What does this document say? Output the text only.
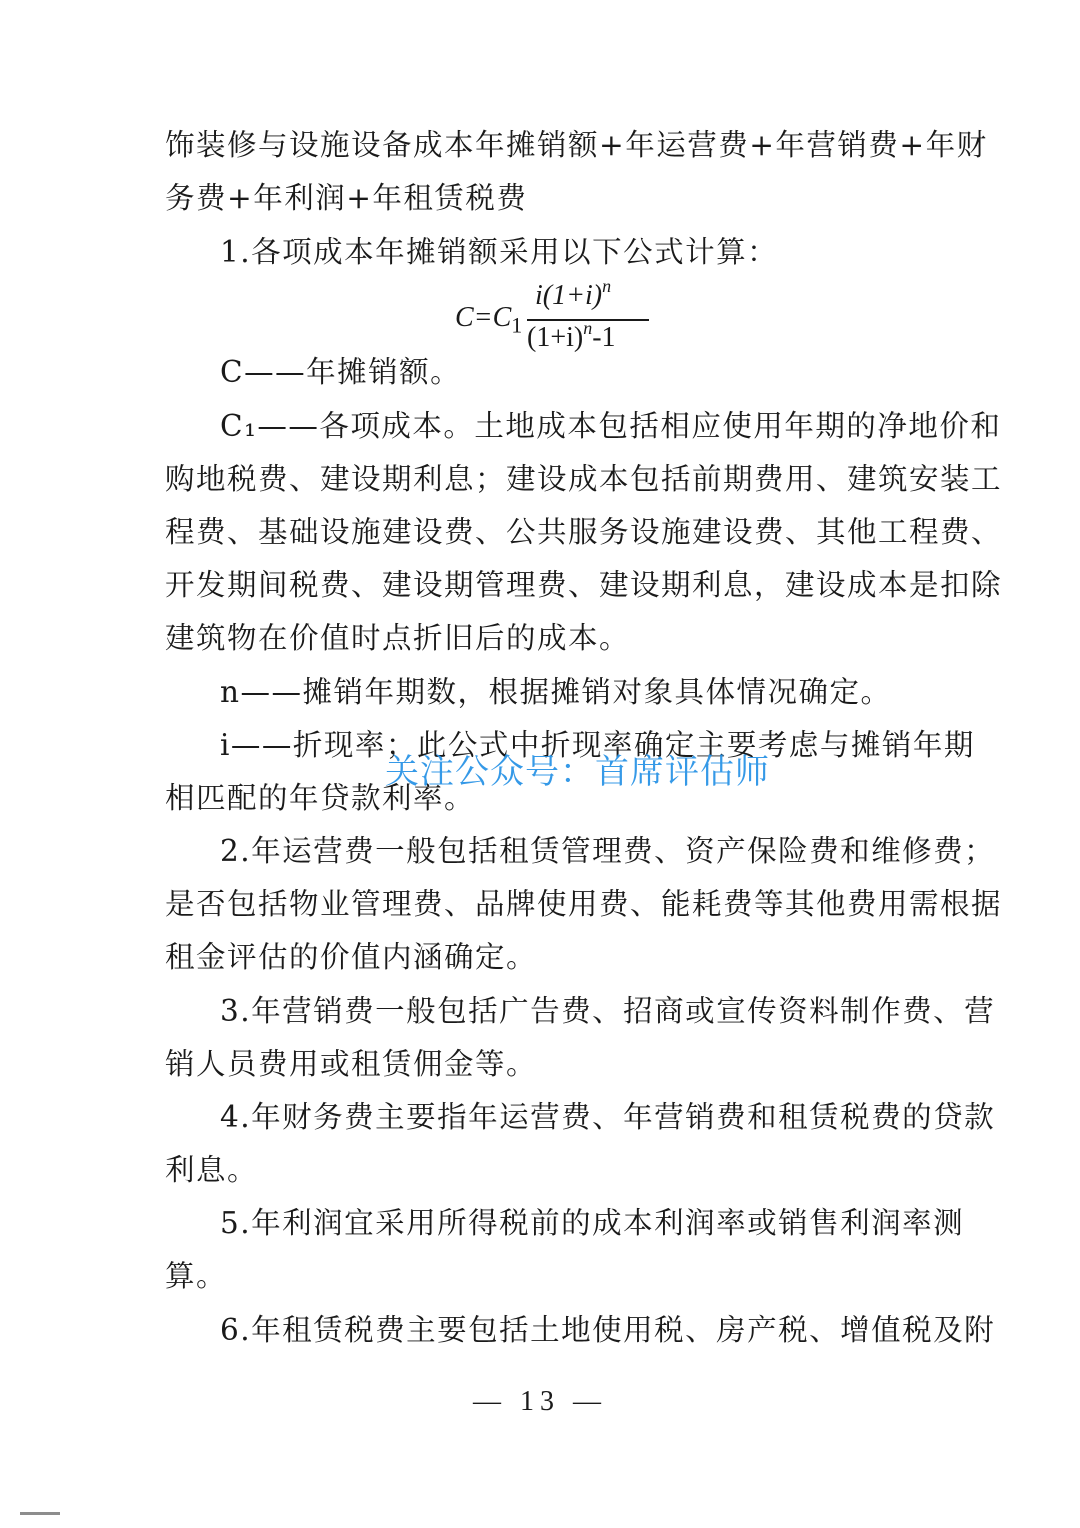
饰装修与设施设备成本年摊销额+年运营费+年营销费+年财
务费+年利润+年租赁税费
1.各项成本年摊销额采用以下公式计算：
$C=C_1$
$i(1+i)^n$
$(1+i)^n-1$
C——年摊销额。
C₁——各项成本。土地成本包括相应使用年期的净地价和
购地税费、建设期利息；建设成本包括前期费用、建筑安装工
程费、基础设施建设费、公共服务设施建设费、其他工程费、
开发期间税费、建设期管理费、建设期利息，建设成本是扣除
建筑物在价值时点折旧后的成本。
n——摊销年期数，根据摊销对象具体情况确定。
i——折现率；此公式中折现率确定主要考虑与摊销年期
相匹配的年贷款利率。
2.年运营费一般包括租赁管理费、资产保险费和维修费；
是否包括物业管理费、品牌使用费、能耗费等其他费用需根据
租金评估的价值内涵确定。
3.年营销费一般包括广告费、招商或宣传资料制作费、营
销人员费用或租赁佣金等。
4.年财务费主要指年运营费、年营销费和租赁税费的贷款
利息。
5.年利润宜采用所得税前的成本利润率或销售利润率测
算。
6.年租赁税费主要包括土地使用税、房产税、增值税及附
关注公众号：首席评估师
— 13 —
